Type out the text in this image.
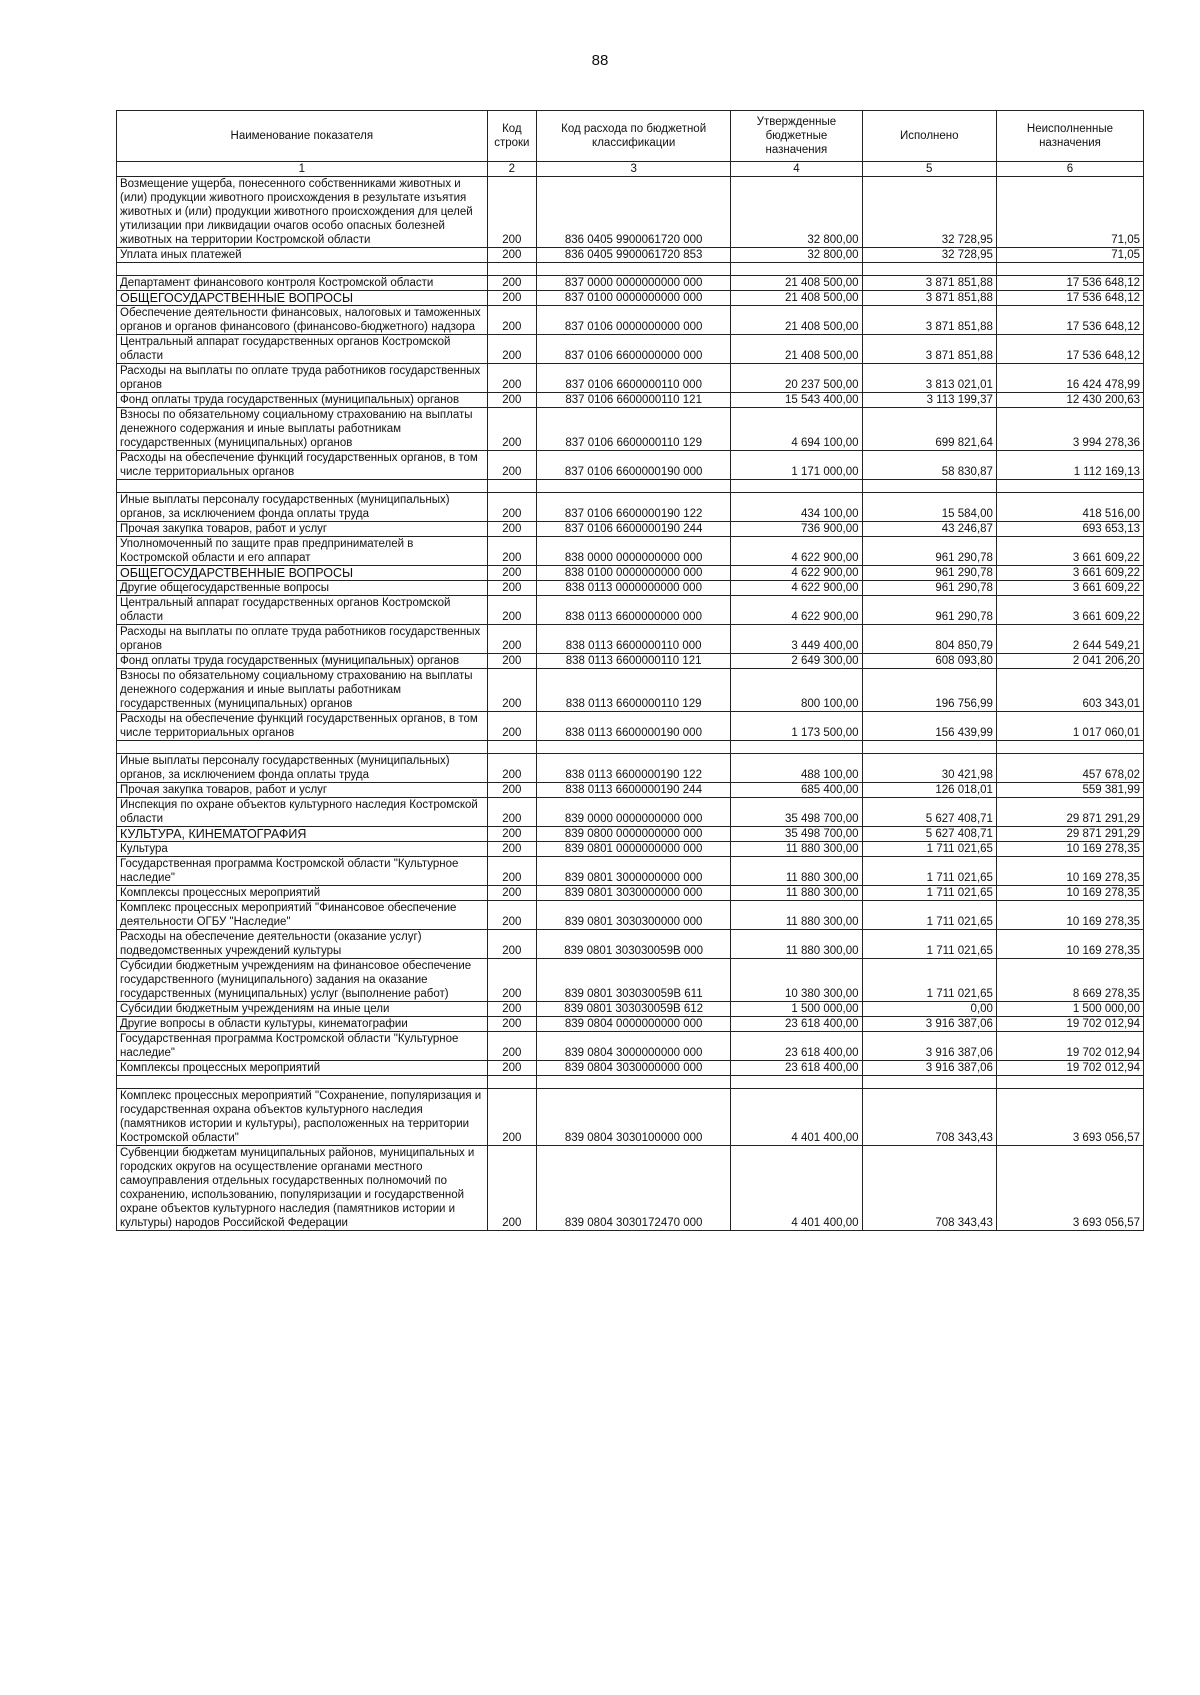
88
Наименование показателя	Код строки	Код расхода по бюджетной классификации	Утвержденные бюджетные назначения	Исполнено	Неисполненные назначения
1	2	3	4	5	6
Возмещение ущерба, понесенного собственниками животных и (или) продукции животного происхождения в результате изъятия животных и (или) продукции животного происхождения для целей утилизации при ликвидации очагов особо опасных болезней животных на территории Костромской области	200	836 0405 9900061720 000	32 800,00	32 728,95	71,05
Уплата иных платежей	200	836 0405 9900061720 853	32 800,00	32 728,95	71,05

Департамент финансового контроля Костромской области	200	837 0000 0000000000 000	21 408 500,00	3 871 851,88	17 536 648,12
ОБЩЕГОСУДАРСТВЕННЫЕ ВОПРОСЫ	200	837 0100 0000000000 000	21 408 500,00	3 871 851,88	17 536 648,12
Обеспечение деятельности финансовых, налоговых и таможенных органов и органов финансового (финансово-бюджетного) надзора	200	837 0106 0000000000 000	21 408 500,00	3 871 851,88	17 536 648,12
Центральный аппарат государственных органов Костромской области	200	837 0106 6600000000 000	21 408 500,00	3 871 851,88	17 536 648,12
Расходы на выплаты по оплате труда работников государственных органов	200	837 0106 6600000110 000	20 237 500,00	3 813 021,01	16 424 478,99
Фонд оплаты труда государственных (муниципальных) органов	200	837 0106 6600000110 121	15 543 400,00	3 113 199,37	12 430 200,63
Взносы по обязательному социальному страхованию на выплаты денежного содержания и иные выплаты работникам государственных (муниципальных) органов	200	837 0106 6600000110 129	4 694 100,00	699 821,64	3 994 278,36
Расходы на обеспечение функций государственных органов, в том числе территориальных органов	200	837 0106 6600000190 000	1 171 000,00	58 830,87	1 112 169,13

Иные выплаты персоналу государственных (муниципальных) органов, за исключением фонда оплаты труда	200	837 0106 6600000190 122	434 100,00	15 584,00	418 516,00
Прочая закупка товаров, работ и услуг	200	837 0106 6600000190 244	736 900,00	43 246,87	693 653,13
Уполномоченный по защите прав предпринимателей в Костромской области и его аппарат	200	838 0000 0000000000 000	4 622 900,00	961 290,78	3 661 609,22
ОБЩЕГОСУДАРСТВЕННЫЕ ВОПРОСЫ	200	838 0100 0000000000 000	4 622 900,00	961 290,78	3 661 609,22
Другие общегосударственные вопросы	200	838 0113 0000000000 000	4 622 900,00	961 290,78	3 661 609,22
Центральный аппарат государственных органов Костромской области	200	838 0113 6600000000 000	4 622 900,00	961 290,78	3 661 609,22
Расходы на выплаты по оплате труда работников государственных органов	200	838 0113 6600000110 000	3 449 400,00	804 850,79	2 644 549,21
Фонд оплаты труда государственных (муниципальных) органов	200	838 0113 6600000110 121	2 649 300,00	608 093,80	2 041 206,20
Взносы по обязательному социальному страхованию на выплаты денежного содержания и иные выплаты работникам государственных (муниципальных) органов	200	838 0113 6600000110 129	800 100,00	196 756,99	603 343,01
Расходы на обеспечение функций государственных органов, в том числе территориальных органов	200	838 0113 6600000190 000	1 173 500,00	156 439,99	1 017 060,01

Иные выплаты персоналу государственных (муниципальных) органов, за исключением фонда оплаты труда	200	838 0113 6600000190 122	488 100,00	30 421,98	457 678,02
Прочая закупка товаров, работ и услуг	200	838 0113 6600000190 244	685 400,00	126 018,01	559 381,99
Инспекция по охране объектов культурного наследия Костромской области	200	839 0000 0000000000 000	35 498 700,00	5 627 408,71	29 871 291,29
КУЛЬТУРА, КИНЕМАТОГРАФИЯ	200	839 0800 0000000000 000	35 498 700,00	5 627 408,71	29 871 291,29
Культура	200	839 0801 0000000000 000	11 880 300,00	1 711 021,65	10 169 278,35
Государственная программа Костромской области "Культурное наследие"	200	839 0801 3000000000 000	11 880 300,00	1 711 021,65	10 169 278,35
Комплексы процессных мероприятий	200	839 0801 3030000000 000	11 880 300,00	1 711 021,65	10 169 278,35
Комплекс процессных мероприятий "Финансовое обеспечение деятельности ОГБУ "Наследие"	200	839 0801 3030300000 000	11 880 300,00	1 711 021,65	10 169 278,35
Расходы на обеспечение деятельности (оказание услуг) подведомственных учреждений культуры	200	839 0801 303030059В 000	11 880 300,00	1 711 021,65	10 169 278,35
Субсидии бюджетным учреждениям на финансовое обеспечение государственного (муниципального) задания на оказание государственных (муниципальных) услуг (выполнение работ)	200	839 0801 303030059В 611	10 380 300,00	1 711 021,65	8 669 278,35
Субсидии бюджетным учреждениям на иные цели	200	839 0801 303030059В 612	1 500 000,00	0,00	1 500 000,00
Другие вопросы в области культуры, кинематографии	200	839 0804 0000000000 000	23 618 400,00	3 916 387,06	19 702 012,94
Государственная программа Костромской области "Культурное наследие"	200	839 0804 3000000000 000	23 618 400,00	3 916 387,06	19 702 012,94
Комплексы процессных мероприятий	200	839 0804 3030000000 000	23 618 400,00	3 916 387,06	19 702 012,94

Комплекс процессных мероприятий "Сохранение, популяризация и государственная охрана объектов культурного наследия (памятников истории и культуры), расположенных на территории Костромской области"	200	839 0804 3030100000 000	4 401 400,00	708 343,43	3 693 056,57
Субвенции бюджетам муниципальных районов, муниципальных и городских округов на осуществление органами местного самоуправления отдельных государственных полномочий по сохранению, использованию, популяризации и государственной охране объектов культурного наследия (памятников истории и культуры) народов Российской Федерации	200	839 0804 3030172470 000	4 401 400,00	708 343,43	3 693 056,57
